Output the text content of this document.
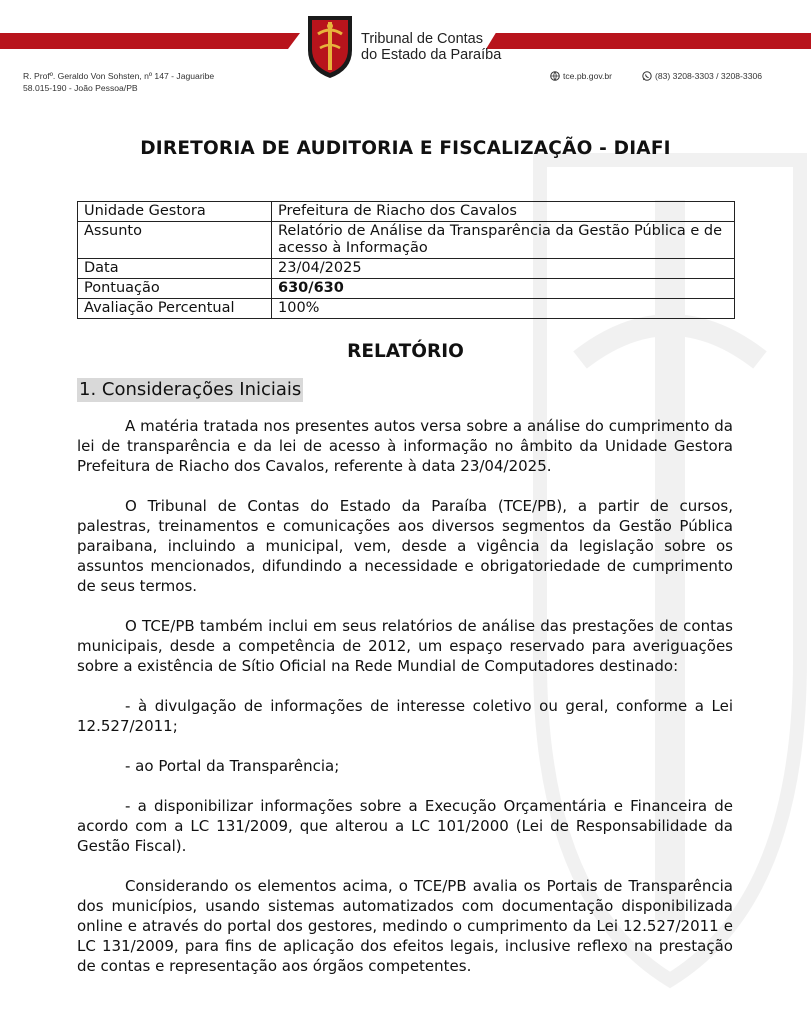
Tribunal de Contas
do Estado da Paraíba
R. Profº. Geraldo Von Sohsten, nº 147 - Jaguaribe
58.015-190 - João Pessoa/PB
tce.pb.gov.br	(83) 3208-3303 / 3208-3306
DIRETORIA DE AUDITORIA E FISCALIZAÇÃO - DIAFI
Unidade Gestora	Prefeitura de Riacho dos Cavalos
Assunto	Relatório de Análise da Transparência da Gestão Pública e de acesso à Informação
Data	23/04/2025
Pontuação	630/630
Avaliação Percentual	100%
RELATÓRIO
1. Considerações Iniciais

A matéria tratada nos presentes autos versa sobre a análise do cumprimento da lei de transparência e da lei de acesso à informação no âmbito da Unidade Gestora Prefeitura de Riacho dos Cavalos, referente à data 23/04/2025.

O Tribunal de Contas do Estado da Paraíba (TCE/PB), a partir de cursos, palestras, treinamentos e comunicações aos diversos segmentos da Gestão Pública paraibana, incluindo a municipal, vem, desde a vigência da legislação sobre os assuntos mencionados, difundindo a necessidade e obrigatoriedade de cumprimento de seus termos.

O TCE/PB também inclui em seus relatórios de análise das prestações de contas municipais, desde a competência de 2012, um espaço reservado para averiguações sobre a existência de Sítio Oficial na Rede Mundial de Computadores destinado:

- à divulgação de informações de interesse coletivo ou geral, conforme a Lei 12.527/2011;

- ao Portal da Transparência;

- a disponibilizar informações sobre a Execução Orçamentária e Financeira de acordo com a LC 131/2009, que alterou a LC 101/2000 (Lei de Responsabilidade da Gestão Fiscal).

Considerando os elementos acima, o TCE/PB avalia os Portais de Transparência dos municípios, usando sistemas automatizados com documentação disponibilizada online e através do portal dos gestores, medindo o cumprimento da Lei 12.527/2011 e LC 131/2009, para fins de aplicação dos efeitos legais, inclusive reflexo na prestação de contas e representação aos órgãos competentes.
